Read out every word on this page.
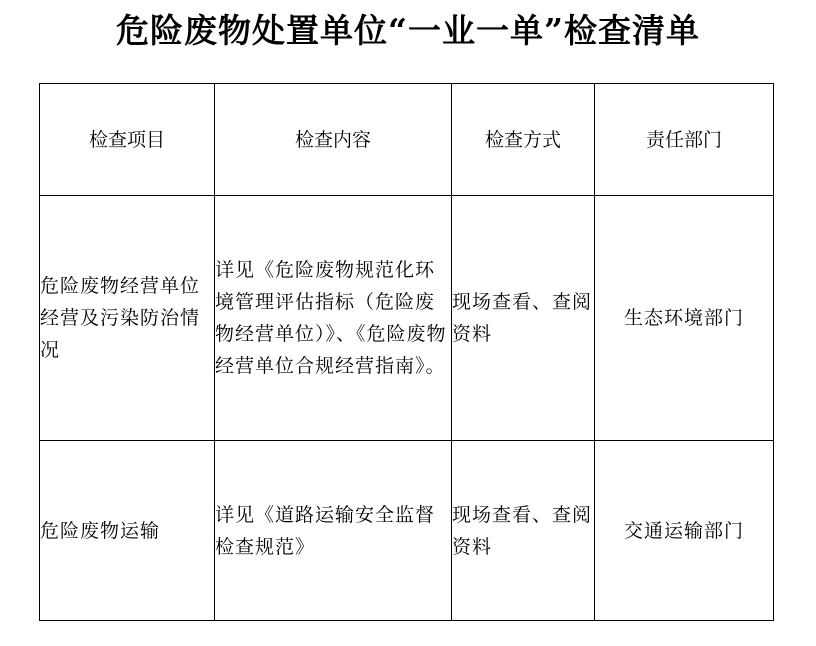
危险废物处置单位“一业一单”检查清单
检查项目	检查内容	检查方式	责任部门
危险废物经营单位经营及污染防治情况	详见《危险废物规范化环境管理评估指标（危险废物经营单位）》、《危险废物经营单位合规经营指南》。	现场查看、查阅资料	生态环境部门
危险废物运输	详见《道路运输安全监督检查规范》	现场查看、查阅资料	交通运输部门
